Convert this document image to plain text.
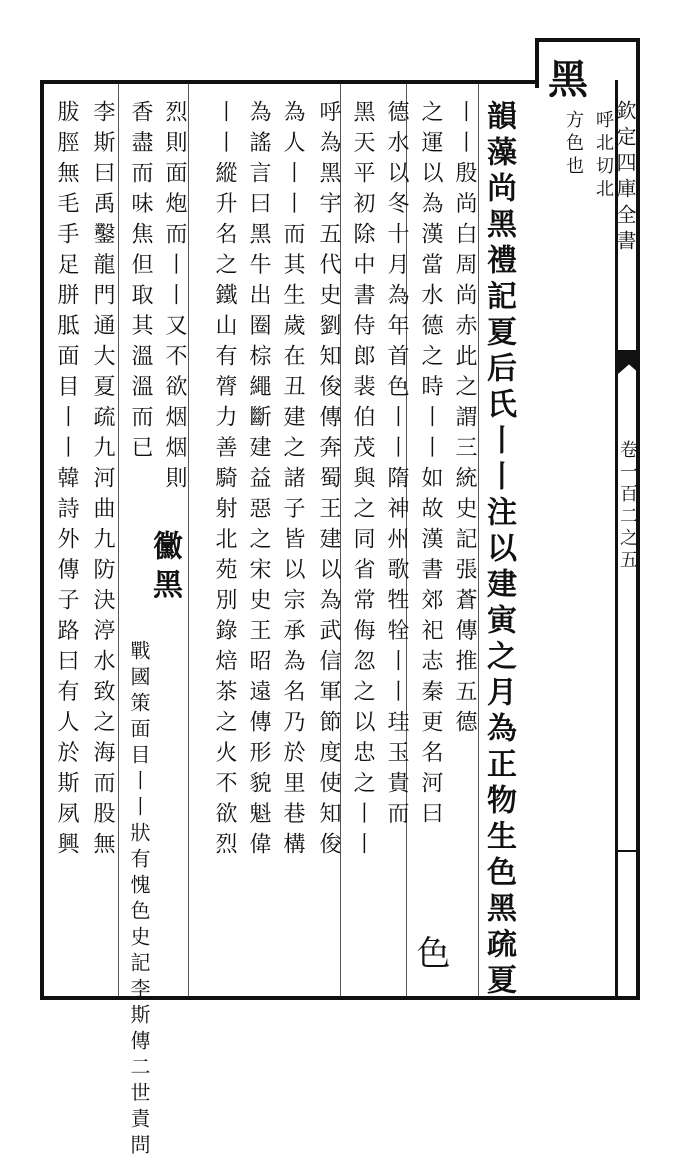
欽定四庫全書
卷一百二之五
黑
呼北切北
方色也
韻藻尚黑禮記夏后氏丨丨注以建寅之月為正物生色黑疏夏
丨丨殷尚白周尚赤此之謂三統史記張蒼傳推五德
之運以為漢當水德之時丨丨如故漢書郊祀志秦更名河曰
德水以冬十月為年首色丨丨隋神州歌牲牷丨丨珪玉貴而
黑天平初除中書侍郎裴伯茂與之同省常侮忽之以忠之丨丨
呼為黑宇五代史劉知俊傳奔蜀王建以為武信軍節度使知俊
為人丨丨而其生歲在丑建之諸子皆以宗承為名乃於里巷構
為謠言曰黑牛出圈棕繩斷建益惡之宋史王昭遠傳形貌魁偉
丨丨縱升名之鐵山有膂力善騎射北苑別錄焙茶之火不欲烈
烈則面炮而丨丨又不欲烟烟則
香盡而味焦但取其溫溫而已
李斯曰禹鑿龍門通大夏疏九河曲九防決渟水致之海而股無
胈脛無毛手足胼胝面目丨丨韓詩外傳子路曰有人於斯夙興
色
黴黑
戰國策面目丨丨狀有愧色史記李斯傳二世責問
